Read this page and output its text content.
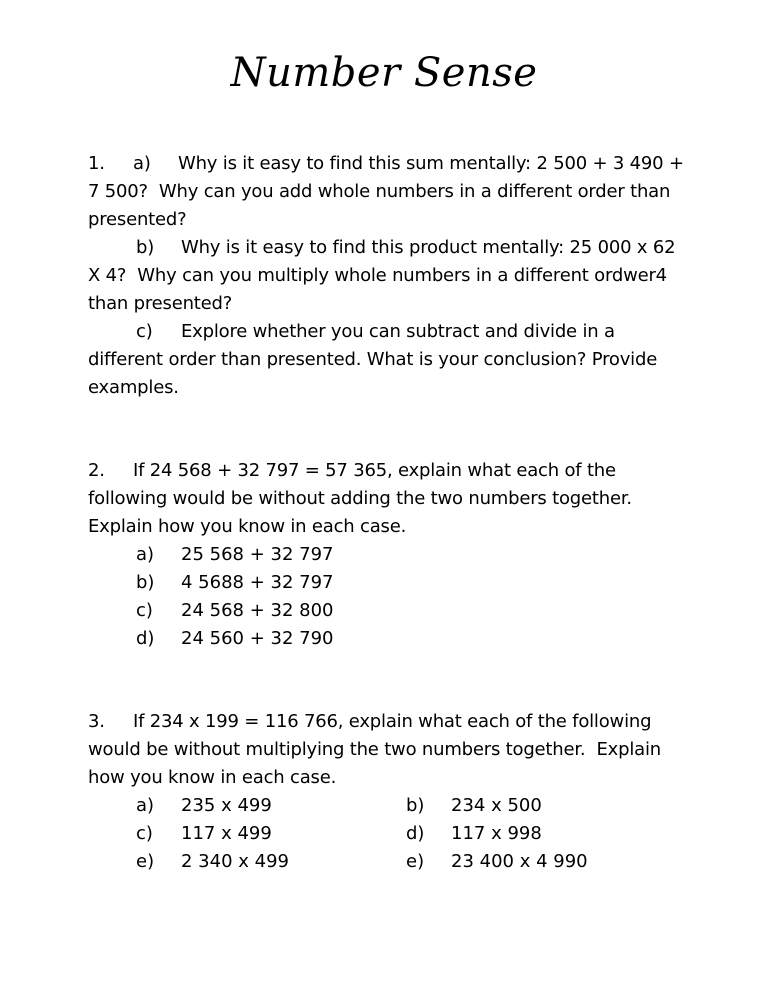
Number Sense
1. a) Why is it easy to find this sum mentally: 2 500 + 3 490 + 7 500?  Why can you add whole numbers in a different order than presented?
b) Why is it easy to find this product mentally: 25 000 x 62 X 4?  Why can you multiply whole numbers in a different ordwer4 than presented?
c) Explore whether you can subtract and divide in a different order than presented. What is your conclusion? Provide examples.
2. If 24 568 + 32 797 = 57 365, explain what each of the following would be without adding the two numbers together. Explain how you know in each case.
a) 25 568 + 32 797
b) 4 5688 + 32 797
c) 24 568 + 32 800
d) 24 560 + 32 790
3. If 234 x 199 = 116 766, explain what each of the following would be without multiplying the two numbers together.  Explain how you know in each case.
a) 235 x 499	b) 234 x 500
c) 117 x 499	d) 117 x 998
e) 2 340 x 499	e) 23 400 x 4 990
